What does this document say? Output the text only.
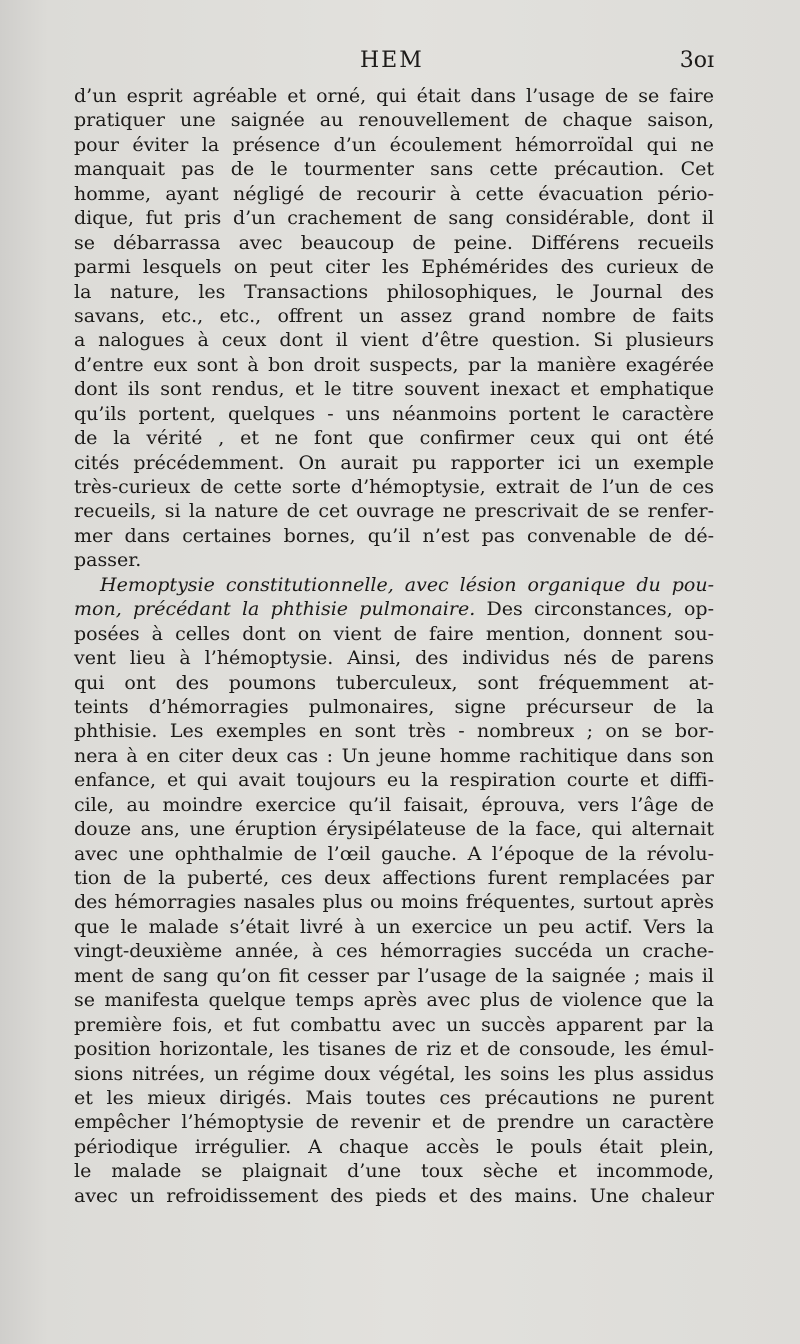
HEM	3oɪ
d’un esprit agréable et orné, qui était dans l’usage de se faire
pratiquer une saignée au renouvellement de chaque saison,
pour éviter la présence d’un écoulement hémorroïdal qui ne
manquait pas de le tourmenter sans cette précaution. Cet
homme, ayant négligé de recourir à cette évacuation pério-
dique, fut pris d’un crachement de sang considérable, dont il
se débarrassa avec beaucoup de peine. Différens recueils
parmi lesquels on peut citer les Ephémérides des curieux de
la nature, les Transactions philosophiques, le Journal des
savans, etc., etc., offrent un assez grand nombre de faits
a nalogues à ceux dont il vient d’être question. Si plusieurs
d’entre eux sont à bon droit suspects, par la manière exagérée
dont ils sont rendus, et le titre souvent inexact et emphatique
qu’ils portent, quelques - uns néanmoins portent le caractère
de la vérité , et ne font que confirmer ceux qui ont été
cités précédemment. On aurait pu rapporter ici un exemple
très-curieux de cette sorte d’hémoptysie, extrait de l’un de ces
recueils, si la nature de cet ouvrage ne prescrivait de se renfer-
mer dans certaines bornes, qu’il n’est pas convenable de dé-
passer.
Hemoptysie constitutionnelle, avec lésion organique du pou-
mon, précédant la phthisie pulmonaire. Des circonstances, op-
posées à celles dont on vient de faire mention, donnent sou-
vent lieu à l’hémoptysie. Ainsi, des individus nés de parens
qui ont des poumons tuberculeux, sont fréquemment at-
teints d’hémorragies pulmonaires, signe précurseur de la
phthisie. Les exemples en sont très - nombreux ; on se bor-
nera à en citer deux cas : Un jeune homme rachitique dans son
enfance, et qui avait toujours eu la respiration courte et diffi-
cile, au moindre exercice qu’il faisait, éprouva, vers l’âge de
douze ans, une éruption érysipélateuse de la face, qui alternait
avec une ophthalmie de l’œil gauche. A l’époque de la révolu-
tion de la puberté, ces deux affections furent remplacées par
des hémorragies nasales plus ou moins fréquentes, surtout après
que le malade s’était livré à un exercice un peu actif. Vers la
vingt-deuxième année, à ces hémorragies succéda un crache-
ment de sang qu’on fit cesser par l’usage de la saignée ; mais il
se manifesta quelque temps après avec plus de violence que la
première fois, et fut combattu avec un succès apparent par la
position horizontale, les tisanes de riz et de consoude, les émul-
sions nitrées, un régime doux végétal, les soins les plus assidus
et les mieux dirigés. Mais toutes ces précautions ne purent
empêcher l’hémoptysie de revenir et de prendre un caractère
périodique irrégulier. A chaque accès le pouls était plein,
le malade se plaignait d’une toux sèche et incommode,
avec un refroidissement des pieds et des mains. Une chaleur
